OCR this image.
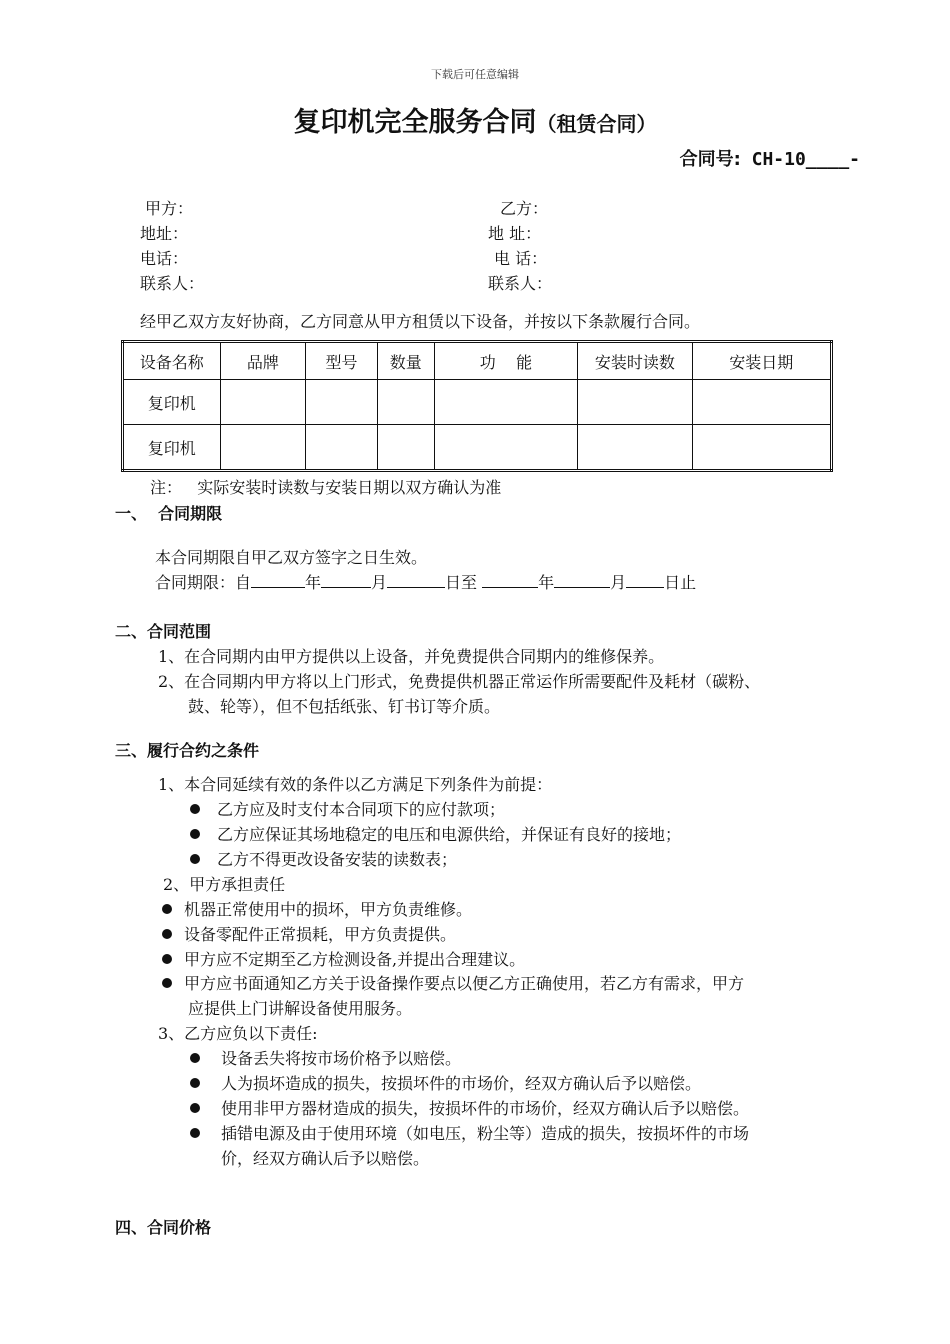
下载后可任意编辑
复印机完全服务合同（租赁合同）
合同号: CH-10____-
甲方：	乙方：
地址：	地 址：
电话：	电 话：
联系人：	联系人：
经甲乙双方友好协商，乙方同意从甲方租赁以下设备，并按以下条款履行合同。
设备名称	品牌	型号	数量	功    能	安装时读数	安装日期
复印机						
复印机						
注：   实际安装时读数与安装日期以双方确认为准
一、  合同期限
本合同期限自甲乙双方签字之日生效。
合同期限：自	年	月	日至	年	月 日止
二、合同范围
1、在合同期内由甲方提供以上设备，并免费提供合同期内的维修保养。
2、在合同期内甲方将以上门形式，免费提供机器正常运作所需要配件及耗材（碳粉、
鼓、轮等），但不包括纸张、钉书订等介质。
三、履行合约之条件
1、本合同延续有效的条件以乙方满足下列条件为前提：
乙方应及时支付本合同项下的应付款项；
乙方应保证其场地稳定的电压和电源供给，并保证有良好的接地；
乙方不得更改设备安装的读数表；
2、甲方承担责任
机器正常使用中的损坏，甲方负责维修。
设备零配件正常损耗，甲方负责提供。
甲方应不定期至乙方检测设备,并提出合理建议。
甲方应书面通知乙方关于设备操作要点以便乙方正确使用，若乙方有需求，甲方
应提供上门讲解设备使用服务。
3、乙方应负以下责任:
设备丢失将按市场价格予以赔偿。
人为损坏造成的损失，按损坏件的市场价，经双方确认后予以赔偿。
使用非甲方器材造成的损失，按损坏件的市场价，经双方确认后予以赔偿。
插错电源及由于使用环境（如电压，粉尘等）造成的损失，按损坏件的市场
价，经双方确认后予以赔偿。
四、合同价格
